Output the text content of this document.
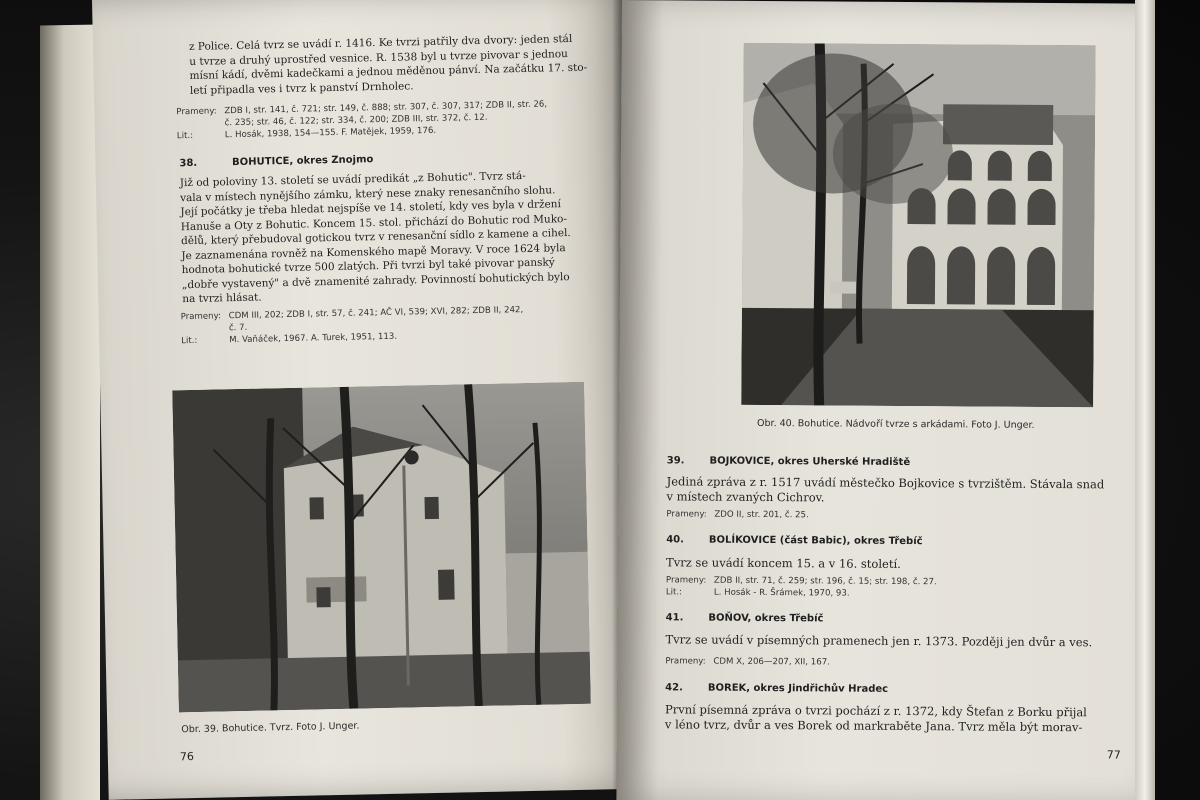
z Police. Celá tvrz se uvádí r. 1416. Ke tvrzi patřily dva dvory: jeden stál
u tvrze a druhý uprostřed vesnice. R. 1538 byl u tvrze pivovar s jednou
mísní kádí, dvěmi kadečkami a jednou měděnou pánví. Na začátku 17. sto-
letí připadla ves i tvrz k panství Drnholec.
Prameny: ZDB I, str. 141, č. 721; str. 149, č. 888; str. 307, č. 307, 317; ZDB II, str. 26,
č. 235; str. 46, č. 122; str. 334, č. 200; ZDB III, str. 372, č. 12.
Lit.:	L. Hosák, 1938, 154—155. F. Matějek, 1959, 176.
38.	BOHUTICE, okres Znojmo
Již od poloviny 13. století se uvádí predikát „z Bohutic". Tvrz stá-
vala v místech nynějšího zámku, který nese znaky renesančního slohu.
Její počátky je třeba hledat nejspíše ve 14. století, kdy ves byla v držení
Hanuše a Oty z Bohutic. Koncem 15. stol. přichází do Bohutic rod Muko-
dělů, který přebudoval gotickou tvrz v renesanční sídlo z kamene a cihel.
Je zaznamenána rovněž na Komenského mapě Moravy. V roce 1624 byla
hodnota bohutické tvrze 500 zlatých. Při tvrzi byl také pivovar panský
„dobře vystavený" a dvě znamenité zahrady. Povinností bohutických bylo
na tvrzi hlásat.
Prameny: CDM III, 202; ZDB I, str. 57, č. 241; AČ VI, 539; XVI, 282; ZDB II, 242,
č. 7.
Lit.:	M. Vaňáček, 1967. A. Turek, 1951, 113.
Obr. 39. Bohutice. Tvrz. Foto J. Unger.
76
Obr. 40. Bohutice. Nádvoří tvrze s arkádami. Foto J. Unger.
39. BOJKOVICE, okres Uherské Hradiště
Jediná zpráva z r. 1517 uvádí městečko Bojkovice s tvrzištěm. Stávala snad
v místech zvaných Cichrov.
Prameny: ZDO II, str. 201, č. 25.
40. BOLÍKOVICE (část Babic), okres Třebíč
Tvrz se uvádí koncem 15. a v 16. století.
Prameny: ZDB II, str. 71, č. 259; str. 196, č. 15; str. 198, č. 27.
Lit.:	L. Hosák - R. Šrámek, 1970, 93.
41. BOŇOV, okres Třebíč
Tvrz se uvádí v písemných pramenech jen r. 1373. Později jen dvůr a ves.
Prameny: CDM X, 206—207, XII, 167.
42. BOREK, okres Jindřichův Hradec
První písemná zpráva o tvrzi pochází z r. 1372, kdy Štefan z Borku přijal
v léno tvrz, dvůr a ves Borek od markraběte Jana. Tvrz měla být morav-
77
